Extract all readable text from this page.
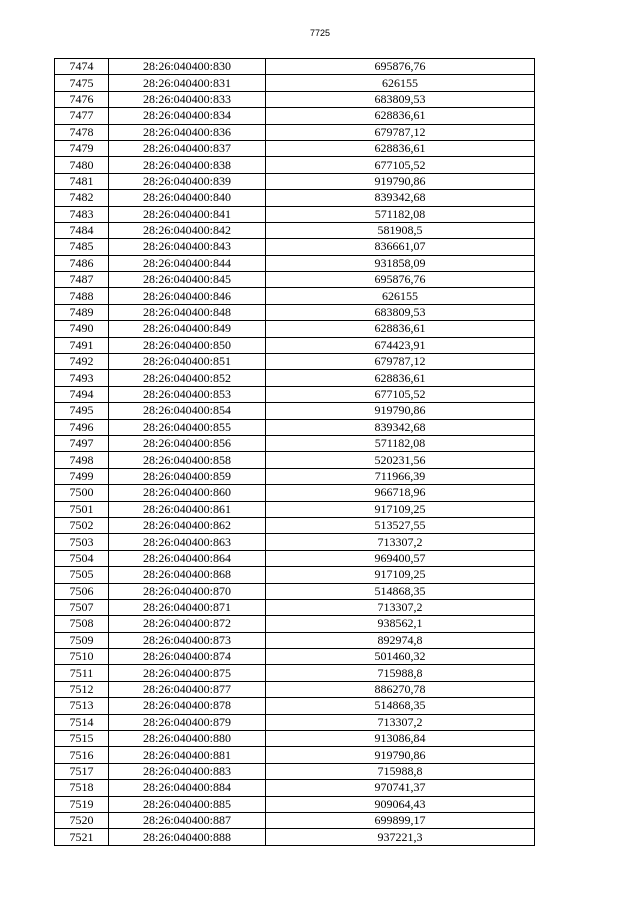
7725
7474	28:26:040400:830	695876,76
7475	28:26:040400:831	626155
7476	28:26:040400:833	683809,53
7477	28:26:040400:834	628836,61
7478	28:26:040400:836	679787,12
7479	28:26:040400:837	628836,61
7480	28:26:040400:838	677105,52
7481	28:26:040400:839	919790,86
7482	28:26:040400:840	839342,68
7483	28:26:040400:841	571182,08
7484	28:26:040400:842	581908,5
7485	28:26:040400:843	836661,07
7486	28:26:040400:844	931858,09
7487	28:26:040400:845	695876,76
7488	28:26:040400:846	626155
7489	28:26:040400:848	683809,53
7490	28:26:040400:849	628836,61
7491	28:26:040400:850	674423,91
7492	28:26:040400:851	679787,12
7493	28:26:040400:852	628836,61
7494	28:26:040400:853	677105,52
7495	28:26:040400:854	919790,86
7496	28:26:040400:855	839342,68
7497	28:26:040400:856	571182,08
7498	28:26:040400:858	520231,56
7499	28:26:040400:859	711966,39
7500	28:26:040400:860	966718,96
7501	28:26:040400:861	917109,25
7502	28:26:040400:862	513527,55
7503	28:26:040400:863	713307,2
7504	28:26:040400:864	969400,57
7505	28:26:040400:868	917109,25
7506	28:26:040400:870	514868,35
7507	28:26:040400:871	713307,2
7508	28:26:040400:872	938562,1
7509	28:26:040400:873	892974,8
7510	28:26:040400:874	501460,32
7511	28:26:040400:875	715988,8
7512	28:26:040400:877	886270,78
7513	28:26:040400:878	514868,35
7514	28:26:040400:879	713307,2
7515	28:26:040400:880	913086,84
7516	28:26:040400:881	919790,86
7517	28:26:040400:883	715988,8
7518	28:26:040400:884	970741,37
7519	28:26:040400:885	909064,43
7520	28:26:040400:887	699899,17
7521	28:26:040400:888	937221,3
